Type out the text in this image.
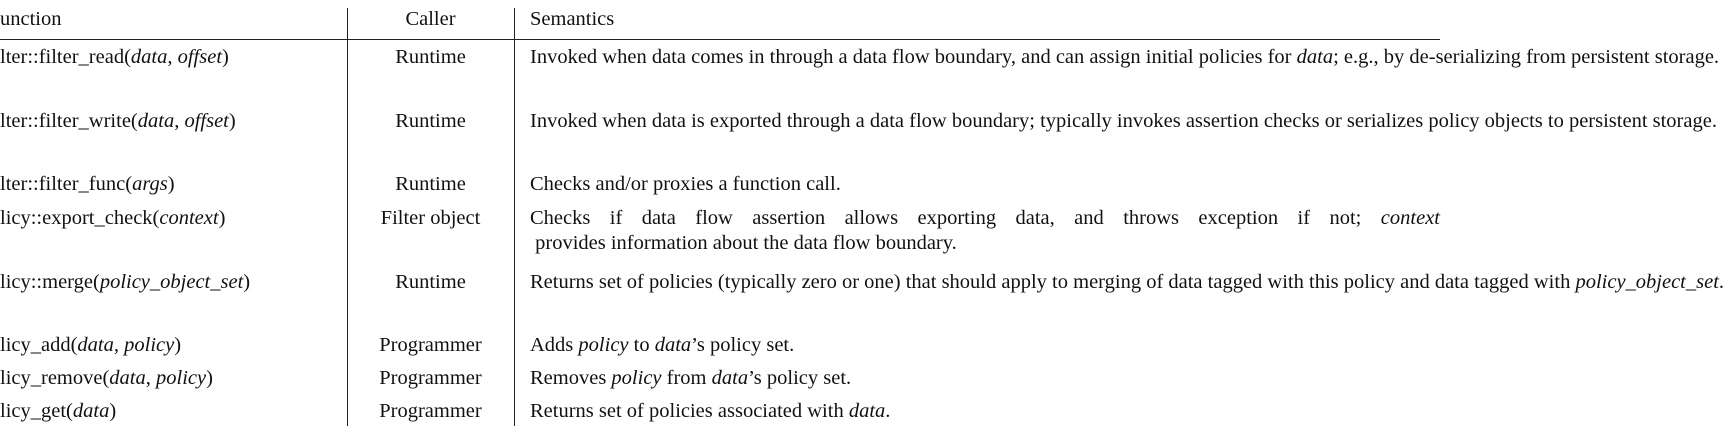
unction	Caller	Semantics
lter::filter_read(data, offset)	Runtime	Invoked when data comes in through a data flow boundary, and can assign initial policies for data; e.g., by de-serializing from persistent storage.
lter::filter_write(data, offset)	Runtime	Invoked when data is exported through a data flow boundary; typically invokes assertion checks or serializes policy objects to persistent storage.
lter::filter_func(args)	Runtime	Checks and/or proxies a function call.
licy::export_check(context)	Filter object	Checks if data flow assertion allows exporting data, and throws exception if not; context provides information about the data flow boundary.
licy::merge(policy_object_set)	Runtime	Returns set of policies (typically zero or one) that should apply to merging of data tagged with this policy and data tagged with policy_object_set.
licy_add(data, policy)	Programmer	Adds policy to data’s policy set.
licy_remove(data, policy)	Programmer	Removes policy from data’s policy set.
licy_get(data)	Programmer	Returns set of policies associated with data.
